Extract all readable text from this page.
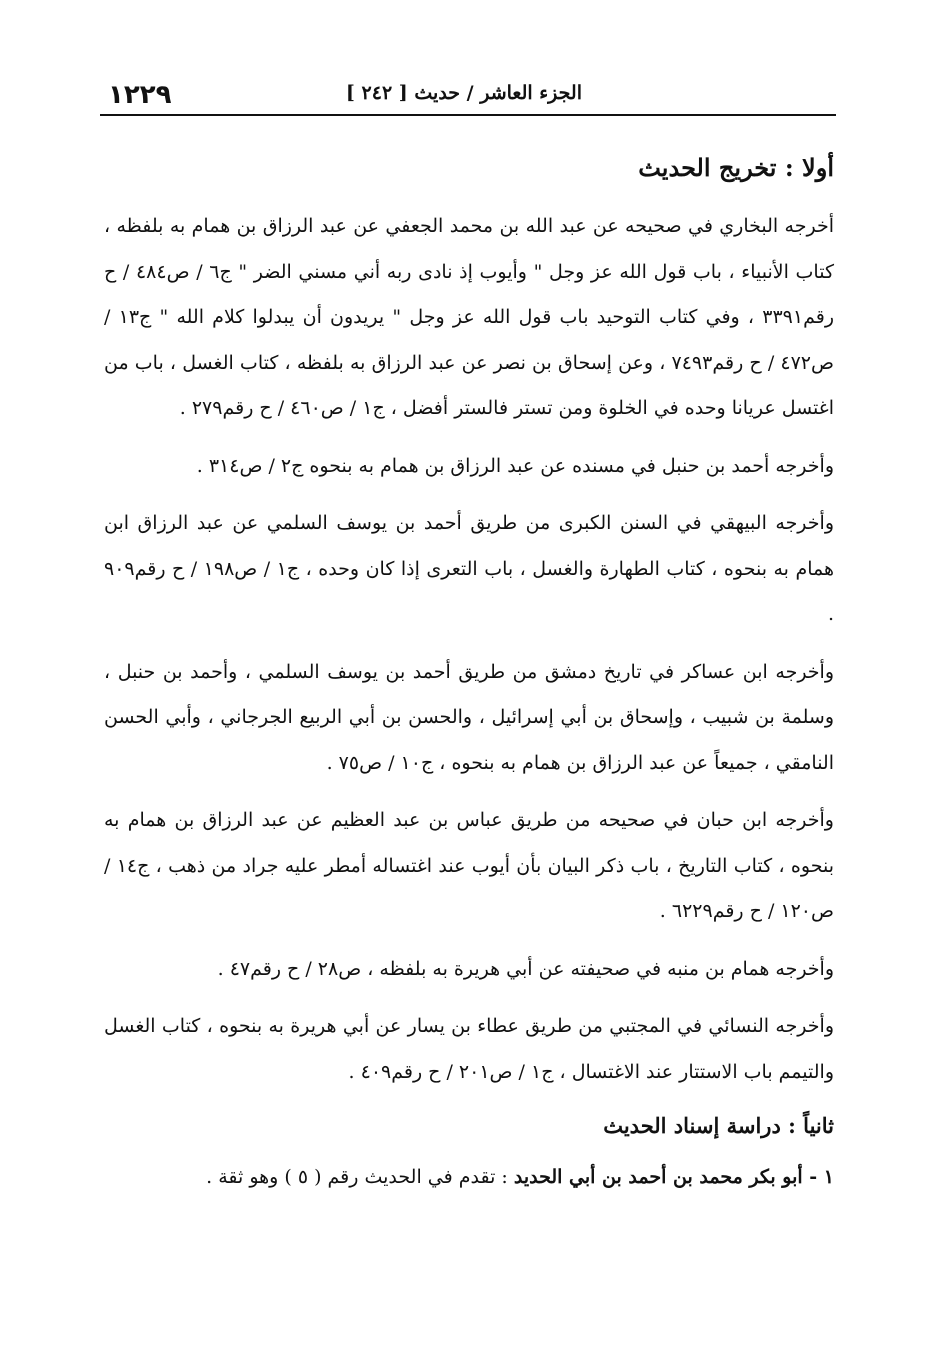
١٢٢٩	الجزء العاشر / حديث [ ٢٤٢ ]
أولا : تخريج الحديث

أخرجه البخاري في صحيحه عن عبد الله بن محمد الجعفي عن عبد الرزاق بن همام به بلفظه ، كتاب الأنبياء ، باب قول الله عز وجل " وأيوب إذ نادى ربه أني مسني الضر " ج٦ / ص٤٨٤ / ح رقم٣٣٩١ ، وفي كتاب التوحيد باب قول الله عز وجل " يريدون أن يبدلوا كلام الله " ج١٣ / ص٤٧٢ / ح رقم٧٤٩٣ ، وعن إسحاق بن نصر عن عبد الرزاق به بلفظه ، كتاب الغسل ، باب من اغتسل عريانا وحده في الخلوة ومن تستر فالستر أفضل ، ج١ / ص٤٦٠ / ح رقم٢٧٩ .

وأخرجه أحمد بن حنبل في مسنده عن عبد الرزاق بن همام به بنحوه ج٢ / ص٣١٤ .

وأخرجه البيهقي في السنن الكبرى من طريق أحمد بن يوسف السلمي عن عبد الرزاق ابن همام به بنحوه ، كتاب الطهارة والغسل ، باب التعرى إذا كان وحده ، ج١ / ص١٩٨ / ح رقم٩٠٩ .

وأخرجه ابن عساكر في تاريخ دمشق من طريق أحمد بن يوسف السلمي ، وأحمد بن حنبل ، وسلمة بن شبيب ، وإسحاق بن أبي إسرائيل ، والحسن بن أبي الربيع الجرجاني ، وأبي الحسن النامقي ، جميعاً عن عبد الرزاق بن همام به بنحوه ، ج١٠ / ص٧٥ .

وأخرجه ابن حبان في صحيحه من طريق عباس بن عبد العظيم عن عبد الرزاق بن همام به بنحوه ، كتاب التاريخ ، باب ذكر البيان بأن أيوب عند اغتساله أمطر عليه جراد من ذهب ، ج١٤ / ص١٢٠ / ح رقم٦٢٢٩ .

وأخرجه همام بن منبه في صحيفته عن أبي هريرة به بلفظه ، ص٢٨ / ح رقم٤٧ .

وأخرجه النسائي في المجتبي من طريق عطاء بن يسار عن أبي هريرة به بنحوه ، كتاب الغسل والتيمم باب الاستتار عند الاغتسال ، ج١ / ص٢٠١ / ح رقم٤٠٩ .

ثانياً : دراسة إسناد الحديث

١ - أبو بكر محمد بن أحمد بن أبي الحديد : تقدم في الحديث رقم ( ٥ ) وهو ثقة .
